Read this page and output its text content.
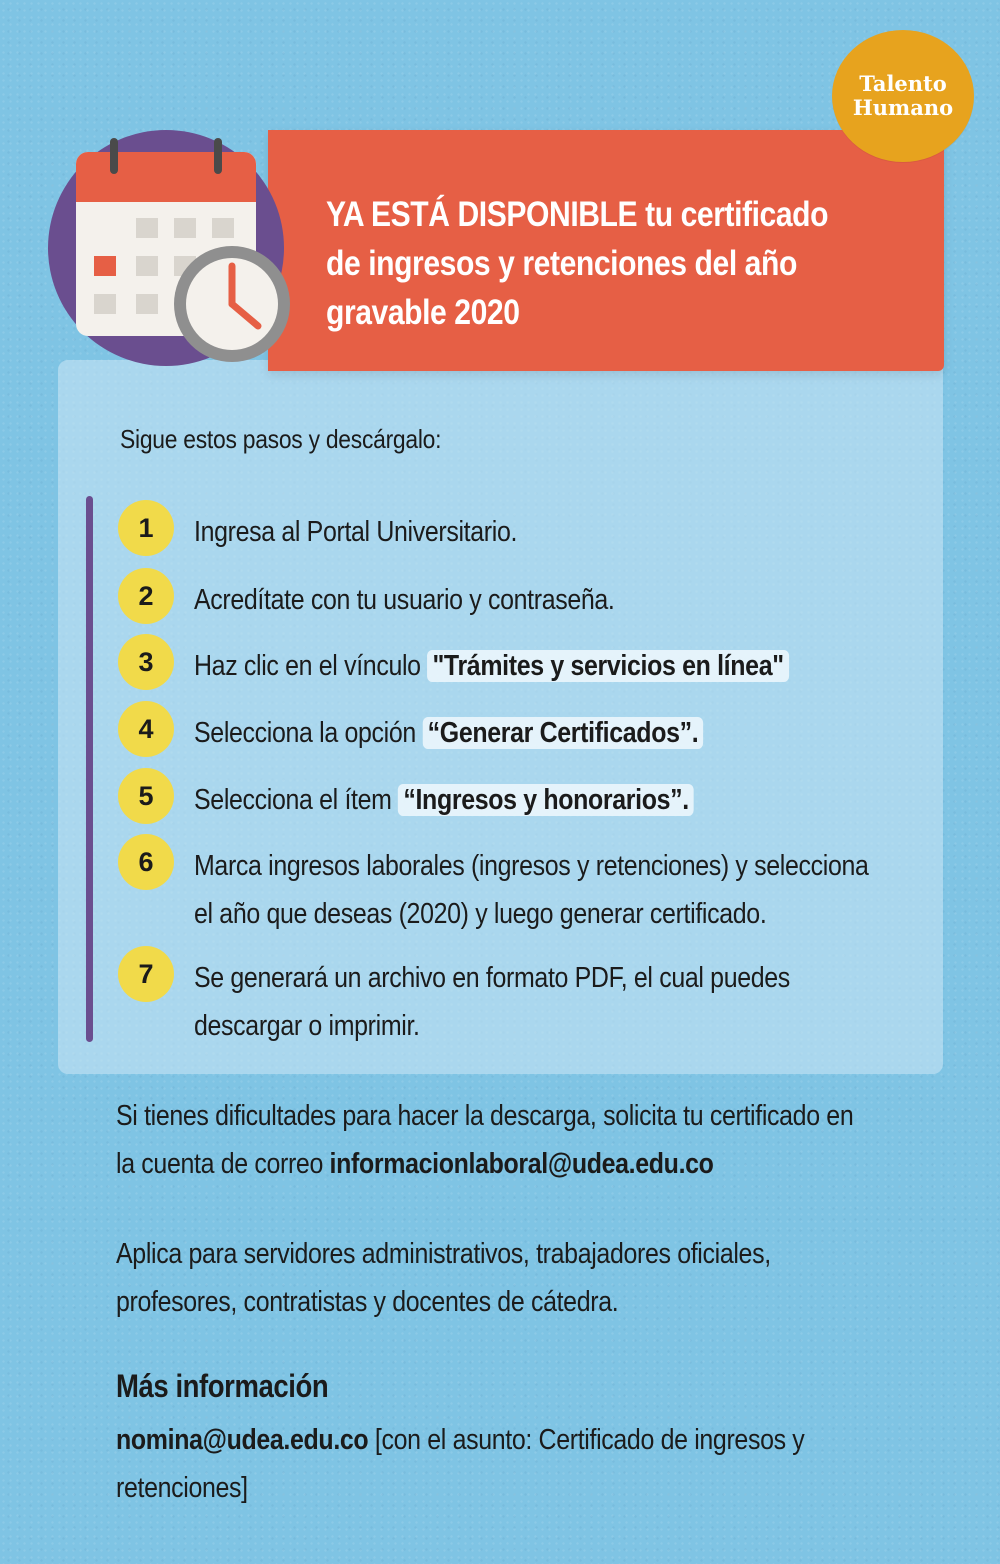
Talento
Humano
YA ESTÁ DISPONIBLE tu certificado
de ingresos y retenciones del año
gravable 2020
Sigue estos pasos y descárgalo:
1	Ingresa al Portal Universitario.
2	Acredítate con tu usuario y contraseña.
3	Haz clic en el vínculo "Trámites y servicios en línea"
4	Selecciona la opción “Generar Certificados”.
5	Selecciona el ítem “Ingresos y honorarios”.
6	Marca ingresos laborales (ingresos y retenciones) y selecciona
el año que deseas (2020) y luego generar certificado.
7	Se generará un archivo en formato PDF, el cual puedes
descargar o imprimir.
Si tienes dificultades para hacer la descarga, solicita tu certificado en
la cuenta de correo informacionlaboral@udea.edu.co
Aplica para servidores administrativos, trabajadores oficiales,
profesores, contratistas y docentes de cátedra.
Más información
nomina@udea.edu.co [con el asunto: Certificado de ingresos y
retenciones]
